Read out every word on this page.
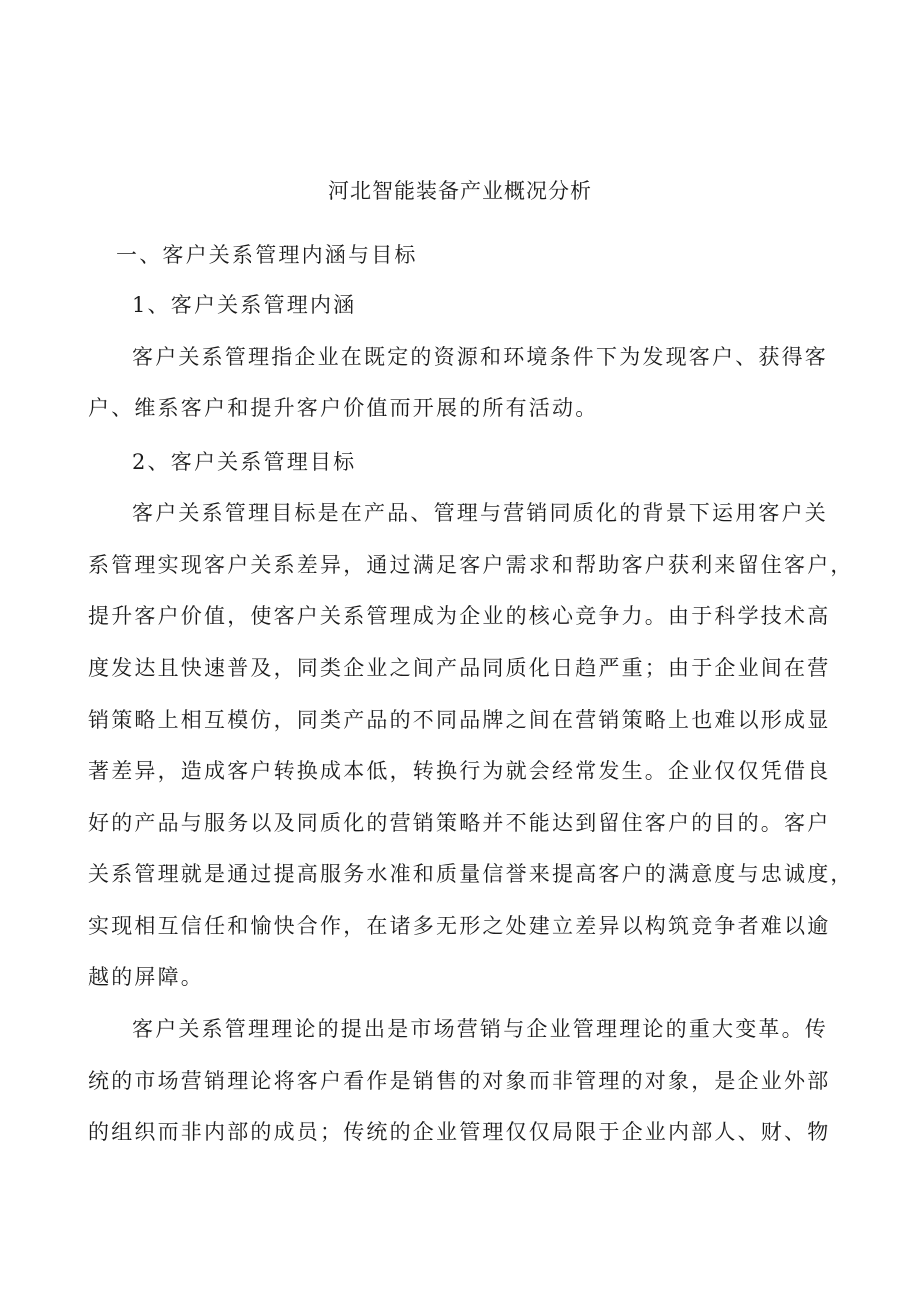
河北智能装备产业概况分析
一、客户关系管理内涵与目标
1、客户关系管理内涵
客户关系管理指企业在既定的资源和环境条件下为发现客户、获得客
户、维系客户和提升客户价值而开展的所有活动。
2、客户关系管理目标
客户关系管理目标是在产品、管理与营销同质化的背景下运用客户关
系管理实现客户关系差异，通过满足客户需求和帮助客户获利来留住客户，
提升客户价值，使客户关系管理成为企业的核心竞争力。由于科学技术高
度发达且快速普及，同类企业之间产品同质化日趋严重；由于企业间在营
销策略上相互模仿，同类产品的不同品牌之间在营销策略上也难以形成显
著差异，造成客户转换成本低，转换行为就会经常发生。企业仅仅凭借良
好的产品与服务以及同质化的营销策略并不能达到留住客户的目的。客户
关系管理就是通过提高服务水准和质量信誉来提高客户的满意度与忠诚度，
实现相互信任和愉快合作，在诸多无形之处建立差异以构筑竞争者难以逾
越的屏障。
客户关系管理理论的提出是市场营销与企业管理理论的重大变革。传
统的市场营销理论将客户看作是销售的对象而非管理的对象，是企业外部
的组织而非内部的成员；传统的企业管理仅仅局限于企业内部人、财、物
